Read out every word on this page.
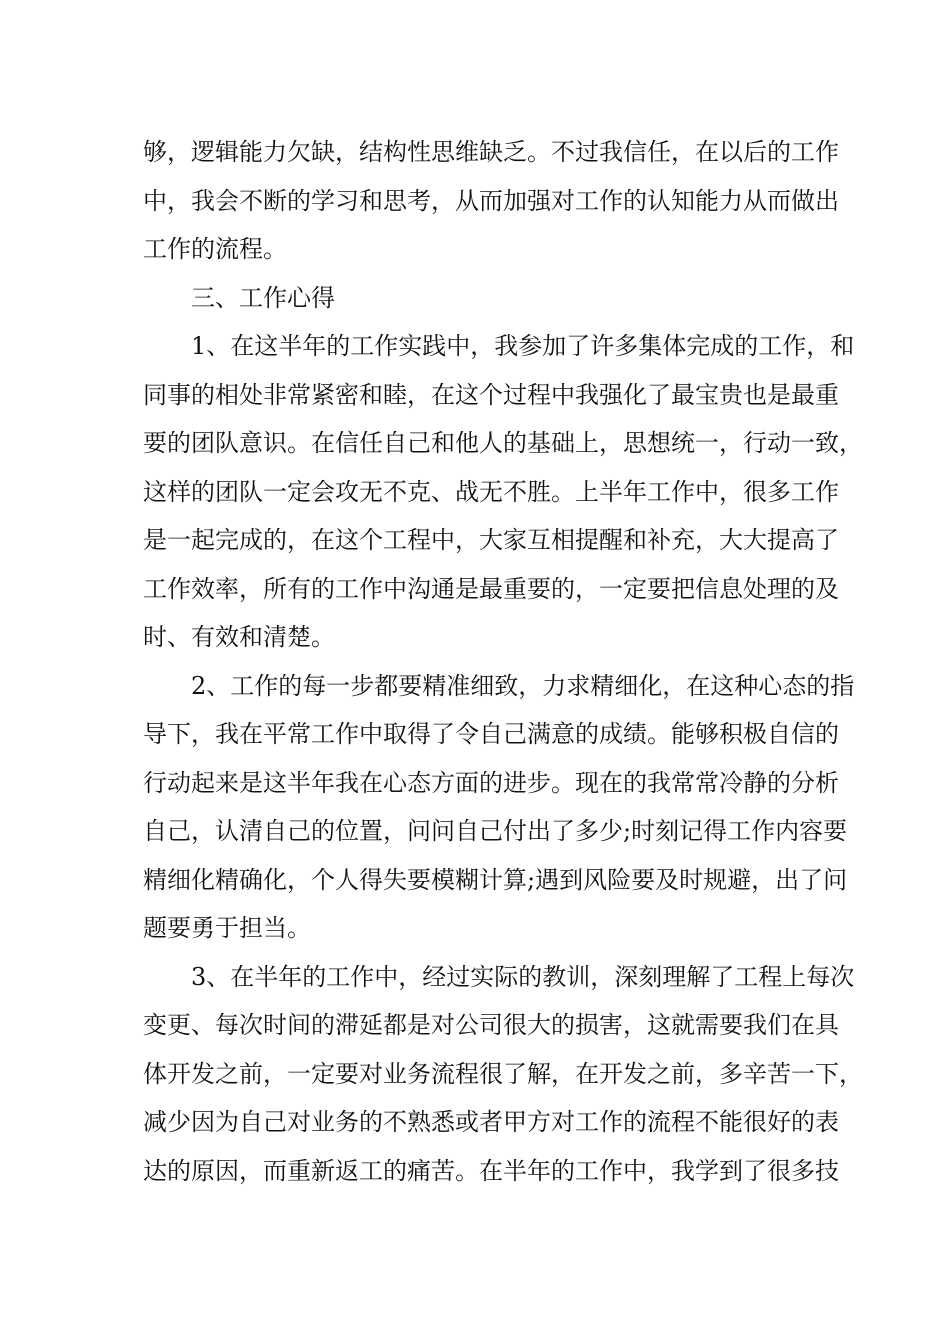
够，逻辑能力欠缺，结构性思维缺乏。不过我信任，在以后的工作
中，我会不断的学习和思考，从而加强对工作的认知能力从而做出
工作的流程。
三、工作心得
1、在这半年的工作实践中，我参加了许多集体完成的工作，和
同事的相处非常紧密和睦，在这个过程中我强化了最宝贵也是最重
要的团队意识。在信任自己和他人的基础上，思想统一，行动一致，
这样的团队一定会攻无不克、战无不胜。上半年工作中，很多工作
是一起完成的，在这个工程中，大家互相提醒和补充，大大提高了
工作效率，所有的工作中沟通是最重要的，一定要把信息处理的及
时、有效和清楚。
2、工作的每一步都要精准细致，力求精细化，在这种心态的指
导下，我在平常工作中取得了令自己满意的成绩。能够积极自信的
行动起来是这半年我在心态方面的进步。现在的我常常冷静的分析
自己，认清自己的位置，问问自己付出了多少;时刻记得工作内容要
精细化精确化，个人得失要模糊计算;遇到风险要及时规避，出了问
题要勇于担当。
3、在半年的工作中，经过实际的教训，深刻理解了工程上每次
变更、每次时间的滞延都是对公司很大的损害，这就需要我们在具
体开发之前，一定要对业务流程很了解，在开发之前，多辛苦一下，
减少因为自己对业务的不熟悉或者甲方对工作的流程不能很好的表
达的原因，而重新返工的痛苦。在半年的工作中，我学到了很多技
